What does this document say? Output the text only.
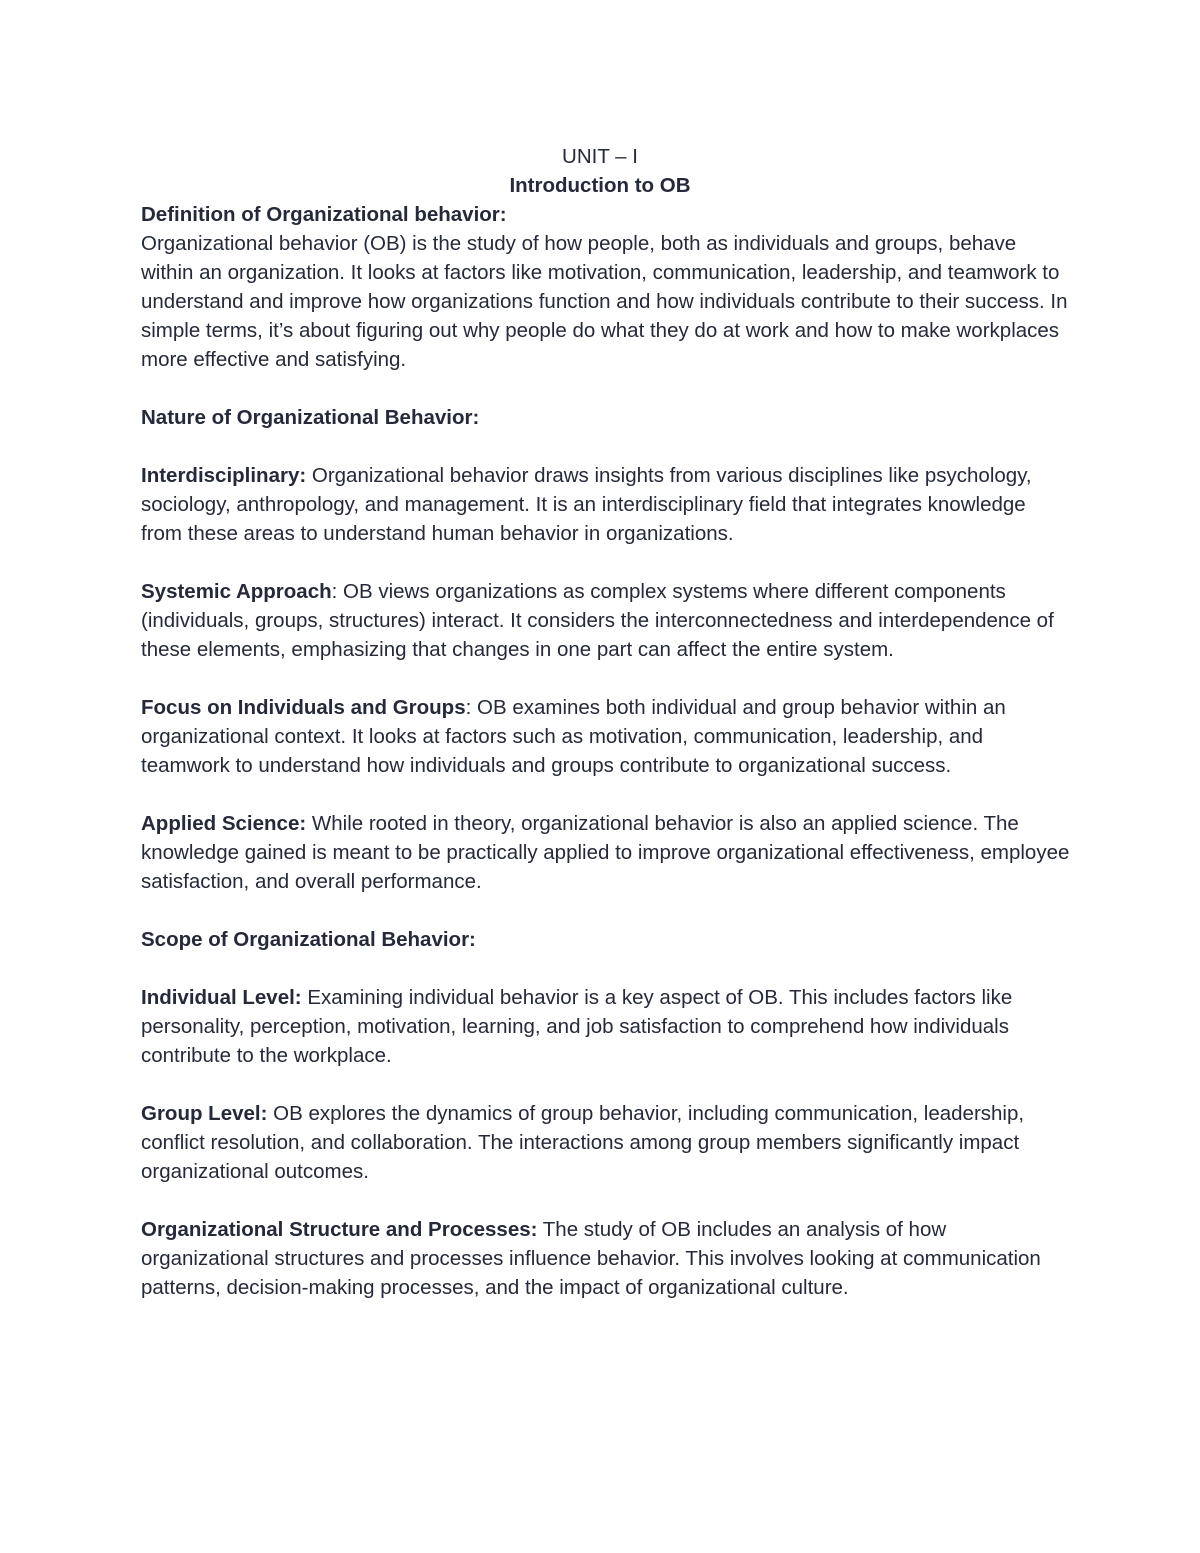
UNIT – I

Introduction to OB

Definition of Organizational behavior:

Organizational behavior (OB) is the study of how people, both as individuals and groups, behave within an organization. It looks at factors like motivation, communication, leadership, and teamwork to understand and improve how organizations function and how individuals contribute to their success. In simple terms, it’s about figuring out why people do what they do at work and how to make workplaces more effective and satisfying.

Nature of Organizational Behavior:

Interdisciplinary: Organizational behavior draws insights from various disciplines like psychology, sociology, anthropology, and management. It is an interdisciplinary field that integrates knowledge from these areas to understand human behavior in organizations.

Systemic Approach: OB views organizations as complex systems where different components (individuals, groups, structures) interact. It considers the interconnectedness and interdependence of these elements, emphasizing that changes in one part can affect the entire system.

Focus on Individuals and Groups: OB examines both individual and group behavior within an organizational context. It looks at factors such as motivation, communication, leadership, and teamwork to understand how individuals and groups contribute to organizational success.

Applied Science: While rooted in theory, organizational behavior is also an applied science. The knowledge gained is meant to be practically applied to improve organizational effectiveness, employee satisfaction, and overall performance.

Scope of Organizational Behavior:

Individual Level: Examining individual behavior is a key aspect of OB. This includes factors like personality, perception, motivation, learning, and job satisfaction to comprehend how individuals contribute to the workplace.

Group Level: OB explores the dynamics of group behavior, including communication, leadership, conflict resolution, and collaboration. The interactions among group members significantly impact organizational outcomes.

Organizational Structure and Processes: The study of OB includes an analysis of how organizational structures and processes influence behavior. This involves looking at communication patterns, decision-making processes, and the impact of organizational culture.
